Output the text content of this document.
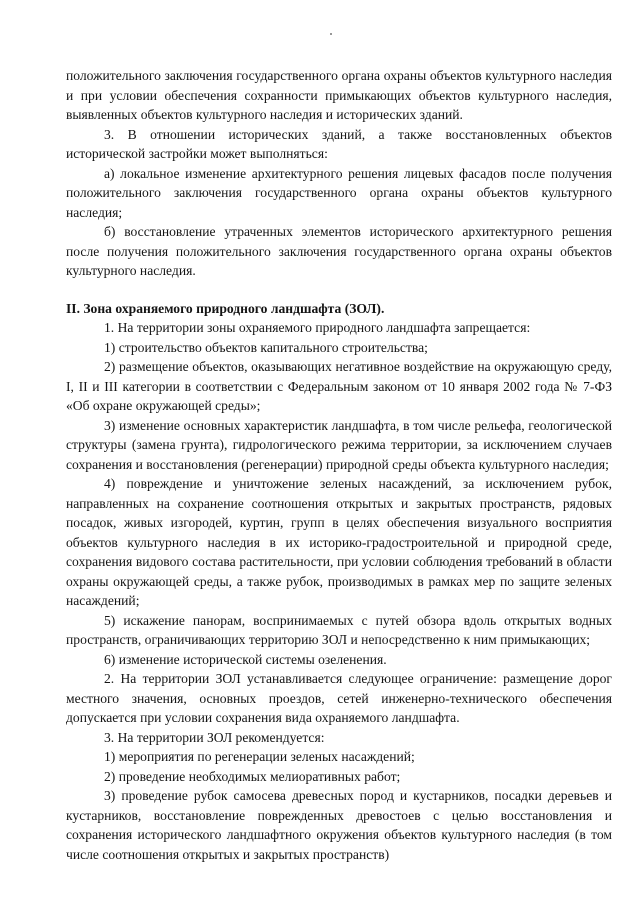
положительного заключения государственного органа охраны объектов культурного наследия и при условии обеспечения сохранности примыкающих объектов культурного наследия, выявленных объектов культурного наследия и исторических зданий.

3. В отношении исторических зданий, а также восстановленных объектов исторической застройки может выполняться:

а) локальное изменение архитектурного решения лицевых фасадов после получения положительного заключения государственного органа охраны объектов культурного наследия;

б) восстановление утраченных элементов исторического архитектурного решения после получения положительного заключения государственного органа охраны объектов культурного наследия.

II. Зона охраняемого природного ландшафта (ЗОЛ).

1. На территории зоны охраняемого природного ландшафта запрещается:

1) строительство объектов капитального строительства;

2) размещение объектов, оказывающих негативное воздействие на окружающую среду, I, II и III категории в соответствии с Федеральным законом от 10 января 2002 года № 7-ФЗ «Об охране окружающей среды»;

3) изменение основных характеристик ландшафта, в том числе рельефа, геологической структуры (замена грунта), гидрологического режима территории, за исключением случаев сохранения и восстановления (регенерации) природной среды объекта культурного наследия;

4) повреждение и уничтожение зеленых насаждений, за исключением рубок, направленных на сохранение соотношения открытых и закрытых пространств, рядовых посадок, живых изгородей, куртин, групп в целях обеспечения визуального восприятия объектов культурного наследия в их историко-градостроительной и природной среде, сохранения видового состава растительности, при условии соблюдения требований в области охраны окружающей среды, а также рубок, производимых в рамках мер по защите зеленых насаждений;

5) искажение панорам, воспринимаемых с путей обзора вдоль открытых водных пространств, ограничивающих территорию ЗОЛ и непосредственно к ним примыкающих;

6) изменение исторической системы озеленения.

2. На территории ЗОЛ устанавливается следующее ограничение: размещение дорог местного значения, основных проездов, сетей инженерно-технического обеспечения допускается при условии сохранения вида охраняемого ландшафта.

3. На территории ЗОЛ рекомендуется:

1) мероприятия по регенерации зеленых насаждений;

2) проведение необходимых мелиоративных работ;

3) проведение рубок самосева древесных пород и кустарников, посадки деревьев и кустарников, восстановление поврежденных древостоев с целью восстановления и сохранения исторического ландшафтного окружения объектов культурного наследия (в том числе соотношения открытых и закрытых пространств)
